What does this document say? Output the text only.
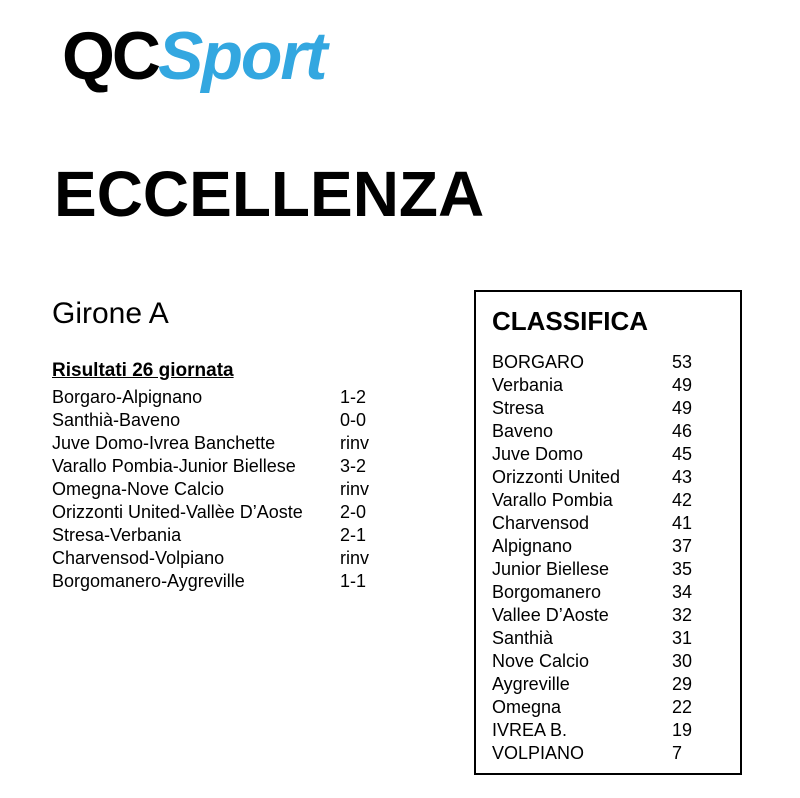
QCSport
ECCELLENZA
Girone A
Risultati 26 giornata
Borgaro-Alpignano	1-2
Santhià-Baveno	0-0
Juve Domo-Ivrea Banchette	rinv
Varallo Pombia-Junior Biellese	3-2
Omegna-Nove Calcio	rinv
Orizzonti United-Vallèe D’Aoste	2-0
Stresa-Verbania	2-1
Charvensod-Volpiano	rinv
Borgomanero-Aygreville	1-1
CLASSIFICA
BORGARO	53
Verbania	49
Stresa	49
Baveno	46
Juve Domo	45
Orizzonti United	43
Varallo Pombia	42
Charvensod	41
Alpignano	37
Junior Biellese	35
Borgomanero	34
Vallee D’Aoste	32
Santhià	31
Nove Calcio	30
Aygreville	29
Omegna	22
IVREA B.	19
VOLPIANO	7
